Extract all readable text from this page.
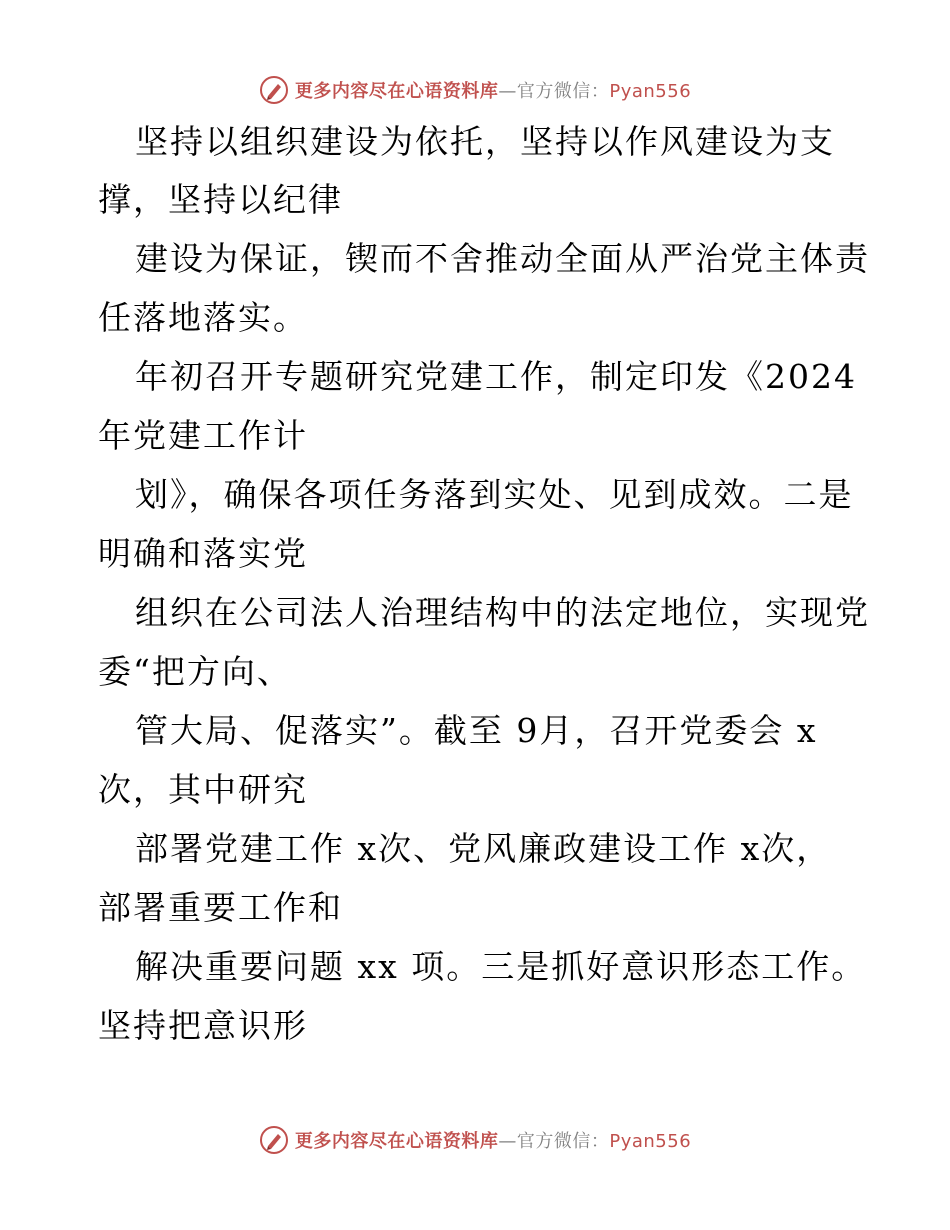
更多内容尽在心语资料库—官方微信：Pyan556
坚持以组织建设为依托，坚持以作风建设为支
撑，坚持以纪律
建设为保证，锲而不舍推动全面从严治党主体责
任落地落实。
年初召开专题研究党建工作，制定印发《2024
年党建工作计
划》，确保各项任务落到实处、见到成效。二是
明确和落实党
组织在公司法人治理结构中的法定地位，实现党
委“把方向、
管大局、促落实”。截至 9月，召开党委会 x
次，其中研究
部署党建工作 x次、党风廉政建设工作 x次，
部署重要工作和
解决重要问题 xx 项。三是抓好意识形态工作。
坚持把意识形
更多内容尽在心语资料库—官方微信：Pyan556
